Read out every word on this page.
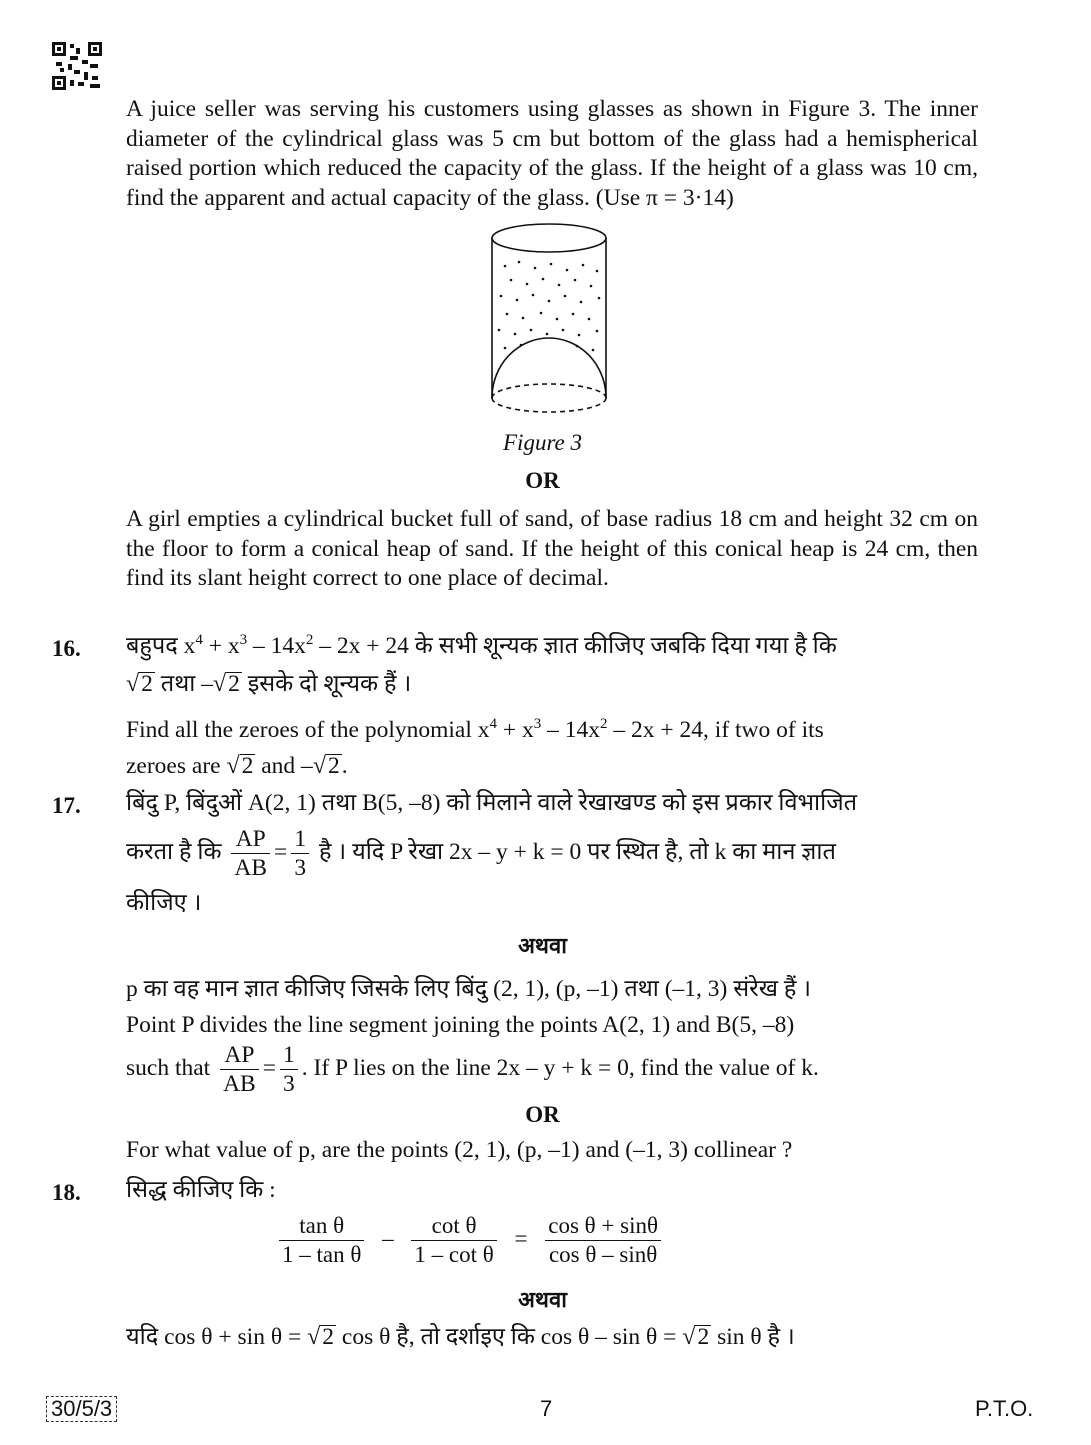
A juice seller was serving his customers using glasses as shown in Figure 3. The inner diameter of the cylindrical glass was 5 cm but bottom of the glass had a hemispherical raised portion which reduced the capacity of the glass. If the height of a glass was 10 cm, find the apparent and actual capacity of the glass. (Use π = 3·14)
Figure 3
OR
A girl empties a cylindrical bucket full of sand, of base radius 18 cm and height 32 cm on the floor to form a conical heap of sand. If the height of this conical heap is 24 cm, then find its slant height correct to one place of decimal.
16. बहुपद $x^4 + x^3 - 14x^2 - 2x + 24$ के सभी शून्यक ज्ञात कीजिए जबकि दिया गया है कि
√2 तथा –√2 इसके दो शून्यक हैं ।
Find all the zeroes of the polynomial $x^4 + x^3 - 14x^2 - 2x + 24$, if two of its
zeroes are √2 and –√2.
17. बिंदु P, बिंदुओं A(2, 1) तथा B(5, –8) को मिलाने वाले रेखाखण्ड को इस प्रकार विभाजित
करता है कि $\frac{AP}{AB} = \frac{1}{3}$ है । यदि P रेखा 2x – y + k = 0 पर स्थित है, तो k का मान ज्ञात
कीजिए ।
अथवा
p का वह मान ज्ञात कीजिए जिसके लिए बिंदु (2, 1), (p, –1) तथा (–1, 3) संरेख हैं ।
Point P divides the line segment joining the points A(2, 1) and B(5, –8)
such that $\frac{AP}{AB} = \frac{1}{3}$ . If P lies on the line 2x – y + k = 0, find the value of k.
OR
For what value of p, are the points (2, 1), (p, –1) and (–1, 3) collinear ?
18. सिद्ध कीजिए कि :
$\frac{\text{tan θ}}{\text{1 – tan θ}} - \frac{\text{cot θ}}{\text{1 – cot θ}} = \frac{\text{cos θ + sinθ}}{\text{cos θ – sinθ}}$
अथवा
यदि cos θ + sin θ = √2 cos θ है, तो दर्शाइए कि cos θ – sin θ = √2 sin θ है ।
30/5/3	7	P.T.O.
